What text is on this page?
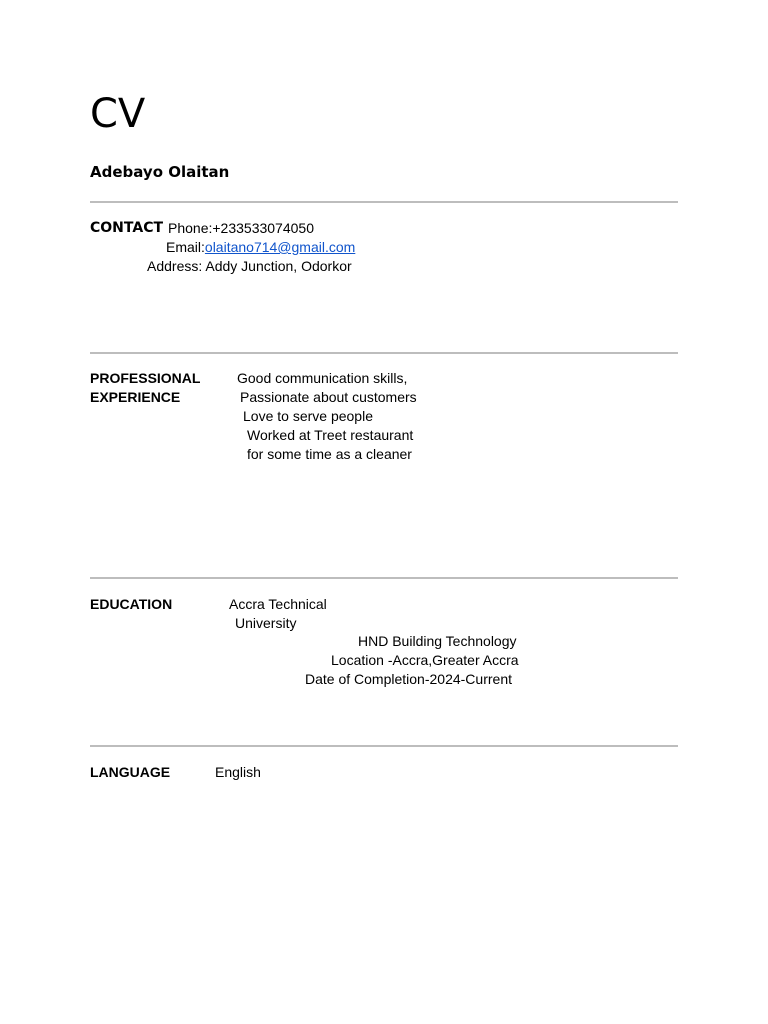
CV
Adebayo Olaitan
CONTACT Phone:+233533074050
Email:olaitano714@gmail.com
Address: Addy Junction, Odorkor
PROFESSIONAL
EXPERIENCE
Good communication skills,
Passionate about customers
Love to serve people
Worked at Treet restaurant
for some time as a cleaner
EDUCATION	Accra Technical
University
HND Building Technology
Location -Accra,Greater Accra
Date of Completion-2024-Current
LANGUAGE	English
